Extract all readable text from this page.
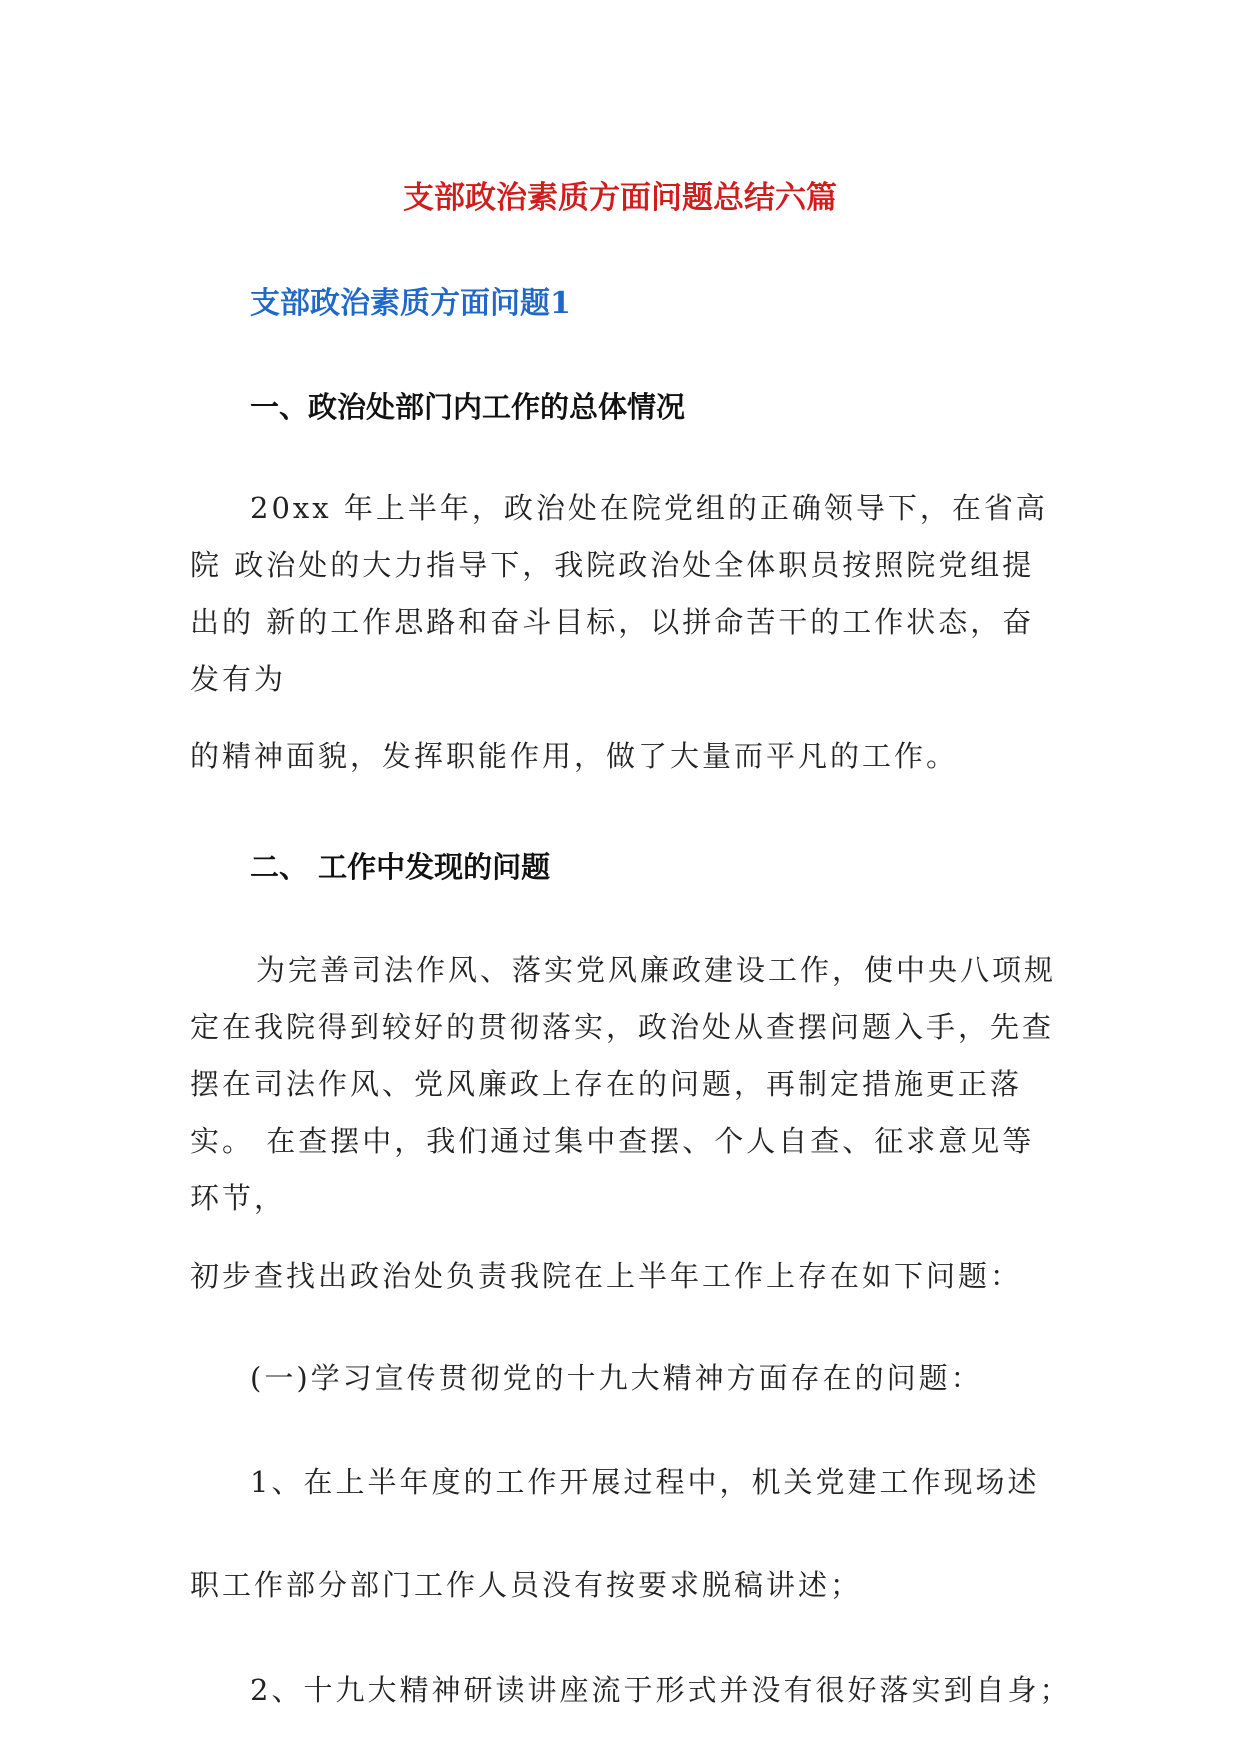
支部政治素质方面问题总结六篇
支部政治素质方面问题1
一、政治处部门内工作的总体情况

20xx 年上半年，政治处在院党组的正确领导下，在省高

院 政治处的大力指导下，我院政治处全体职员按照院党组提

出的 新的工作思路和奋斗目标，以拼命苦干的工作状态，奋

发有为

的精神面貌，发挥职能作用，做了大量而平凡的工作。

二、 工作中发现的问题

为完善司法作风、落实党风廉政建设工作，使中央八项规

定在我院得到较好的贯彻落实，政治处从查摆问题入手，先查

摆在司法作风、党风廉政上存在的问题，再制定措施更正落

实。 在查摆中，我们通过集中查摆、个人自查、征求意见等

环节，

初步查找出政治处负责我院在上半年工作上存在如下问题：

(一)学习宣传贯彻党的十九大精神方面存在的问题：

1、在上半年度的工作开展过程中，机关党建工作现场述

职工作部分部门工作人员没有按要求脱稿讲述；

2、十九大精神研读讲座流于形式并没有很好落实到自身；
